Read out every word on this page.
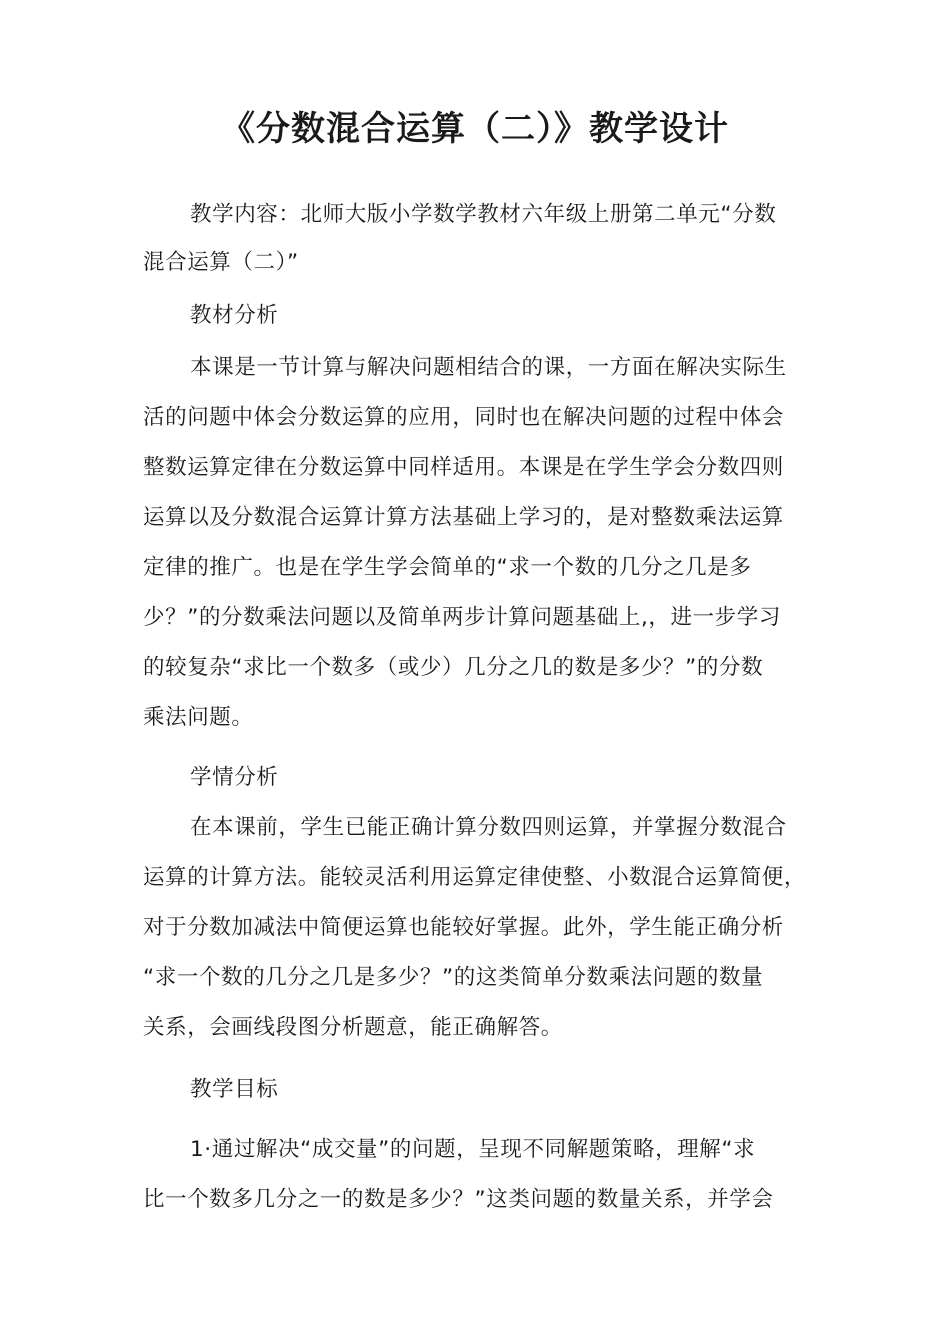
《分数混合运算（二）》教学设计
教学内容：北师大版小学数学教材六年级上册第二单元“分数
混合运算（二）”
教材分析
本课是一节计算与解决问题相结合的课，一方面在解决实际生
活的问题中体会分数运算的应用，同时也在解决问题的过程中体会
整数运算定律在分数运算中同样适用。本课是在学生学会分数四则
运算以及分数混合运算计算方法基础上学习的，是对整数乘法运算
定律的推广。也是在学生学会简单的“求一个数的几分之几是多
少？”的分数乘法问题以及简单两步计算问题基础上,，进一步学习
的较复杂“求比一个数多（或少）几分之几的数是多少？”的分数
乘法问题。
学情分析
在本课前，学生已能正确计算分数四则运算，并掌握分数混合
运算的计算方法。能较灵活利用运算定律使整、小数混合运算简便，
对于分数加减法中简便运算也能较好掌握。此外，学生能正确分析
“求一个数的几分之几是多少？”的这类简单分数乘法问题的数量
关系，会画线段图分析题意，能正确解答。
教学目标
1·通过解决“成交量”的问题，呈现不同解题策略，理解“求
比一个数多几分之一的数是多少？”这类问题的数量关系，并学会
